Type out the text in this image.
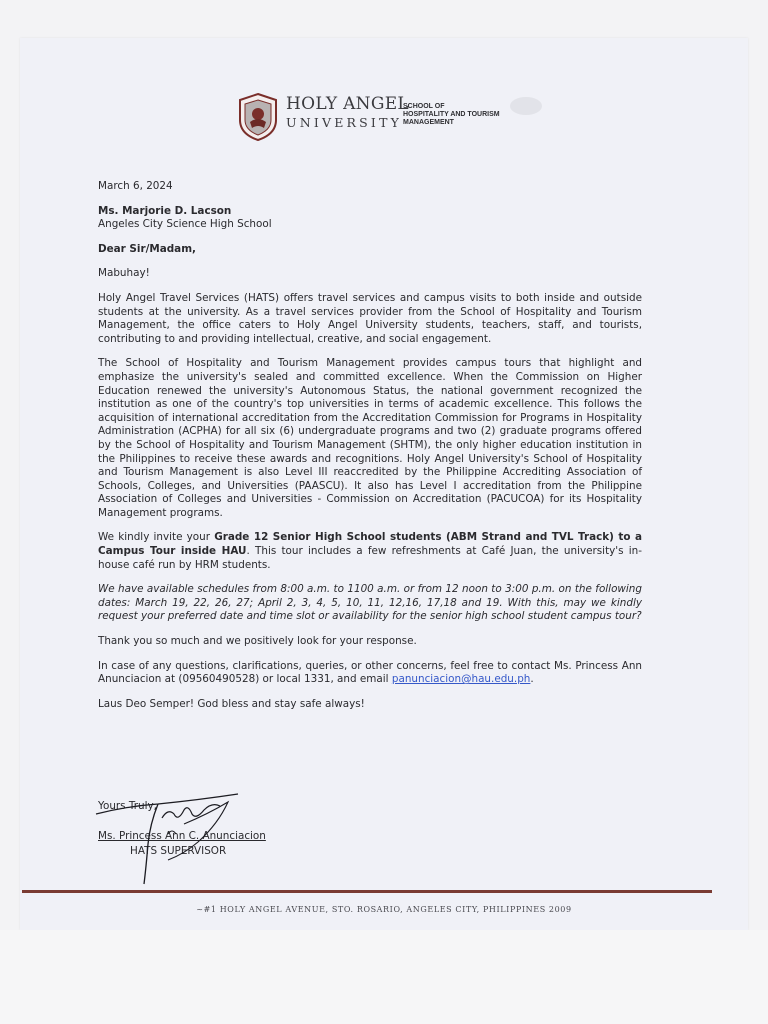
HOLY ANGEL
UNIVERSITY
SCHOOL OF
HOSPITALITY AND TOURISM
MANAGEMENT

March 6, 2024

Ms. Marjorie D. Lacson

Angeles City Science High School

Dear Sir/Madam,

Mabuhay!

Holy Angel Travel Services (HATS) offers travel services and campus visits to both inside and outside students at the university. As a travel services provider from the School of Hospitality and Tourism Management, the office caters to Holy Angel University students, teachers, staff, and tourists, contributing to and providing intellectual, creative, and social engagement.

The School of Hospitality and Tourism Management provides campus tours that highlight and emphasize the university's sealed and committed excellence. When the Commission on Higher Education renewed the university's Autonomous Status, the national government recognized the institution as one of the country's top universities in terms of academic excellence. This follows the acquisition of international accreditation from the Accreditation Commission for Programs in Hospitality Administration (ACPHA) for all six (6) undergraduate programs and two (2) graduate programs offered by the School of Hospitality and Tourism Management (SHTM), the only higher education institution in the Philippines to receive these awards and recognitions. Holy Angel University's School of Hospitality and Tourism Management is also Level III reaccredited by the Philippine Accrediting Association of Schools, Colleges, and Universities (PAASCU). It also has Level I accreditation from the Philippine Association of Colleges and Universities - Commission on Accreditation (PACUCOA) for its Hospitality Management programs.

We kindly invite your Grade 12 Senior High School students (ABM Strand and TVL Track) to a Campus Tour inside HAU. This tour includes a few refreshments at Café Juan, the university's in-house café run by HRM students.

We have available schedules from 8:00 a.m. to 1100 a.m. or from 12 noon to 3:00 p.m. on the following dates: March 19, 22, 26, 27; April 2, 3, 4, 5, 10, 11, 12,16, 17,18 and 19. With this, may we kindly request your preferred date and time slot or availability for the senior high school student campus tour?

Thank you so much and we positively look for your response.

In case of any questions, clarifications, queries, or other concerns, feel free to contact Ms. Princess Ann Anunciacion at (09560490528) or local 1331, and email panunciacion@hau.edu.ph.

Laus Deo Semper! God bless and stay safe always!

Yours Truly,
Ms. Princess Ann C. Anunciacion
HATS SUPERVISOR
~#1 HOLY ANGEL AVENUE, STO. ROSARIO, ANGELES CITY, PHILIPPINES 2009
